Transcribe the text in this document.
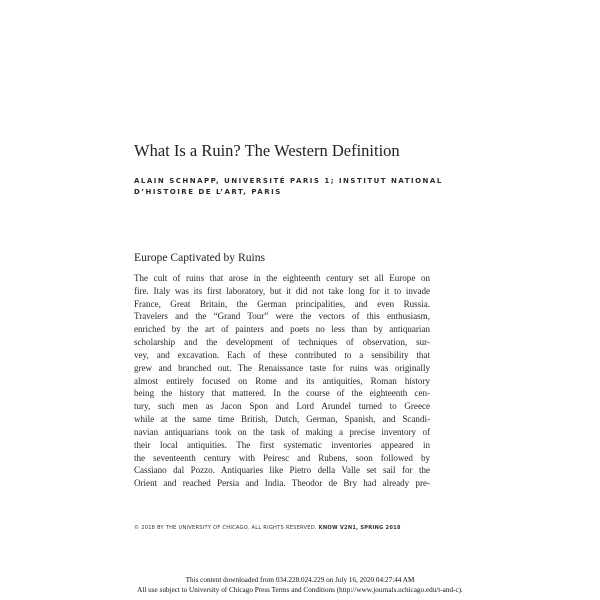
What Is a Ruin? The Western Definition
ALAIN SCHNAPP, UNIVERSITÉ PARIS 1; INSTITUT NATIONAL
D’HISTOIRE DE L’ART, PARIS
Europe Captivated by Ruins
The cult of ruins that arose in the eighteenth century set all Europe on
fire. Italy was its first laboratory, but it did not take long for it to invade
France, Great Britain, the German principalities, and even Russia.
Travelers and the “Grand Tour” were the vectors of this enthusiasm,
enriched by the art of painters and poets no less than by antiquarian
scholarship and the development of techniques of observation, sur-
vey, and excavation. Each of these contributed to a sensibility that
grew and branched out. The Renaissance taste for ruins was originally
almost entirely focused on Rome and its antiquities, Roman history
being the history that mattered. In the course of the eighteenth cen-
tury, such men as Jacon Spon and Lord Arundel turned to Greece
while at the same time British, Dutch, German, Spanish, and Scandi-
navian antiquarians took on the task of making a precise inventory of
their local antiquities. The first systematic inventories appeared in
the seventeenth century with Peiresc and Rubens, soon followed by
Cassiano dal Pozzo. Antiquaries like Pietro della Valle set sail for the
Orient and reached Persia and India. Theodor de Bry had already pre-
© 2018 BY THE UNIVERSITY OF CHICAGO. ALL RIGHTS RESERVED. KNOW V2N1, SPRING 2018
This content downloaded from 034.228.024.229 on July 16, 2020 04:27:44 AM
All use subject to University of Chicago Press Terms and Conditions (http://www.journals.uchicago.edu/t-and-c).
